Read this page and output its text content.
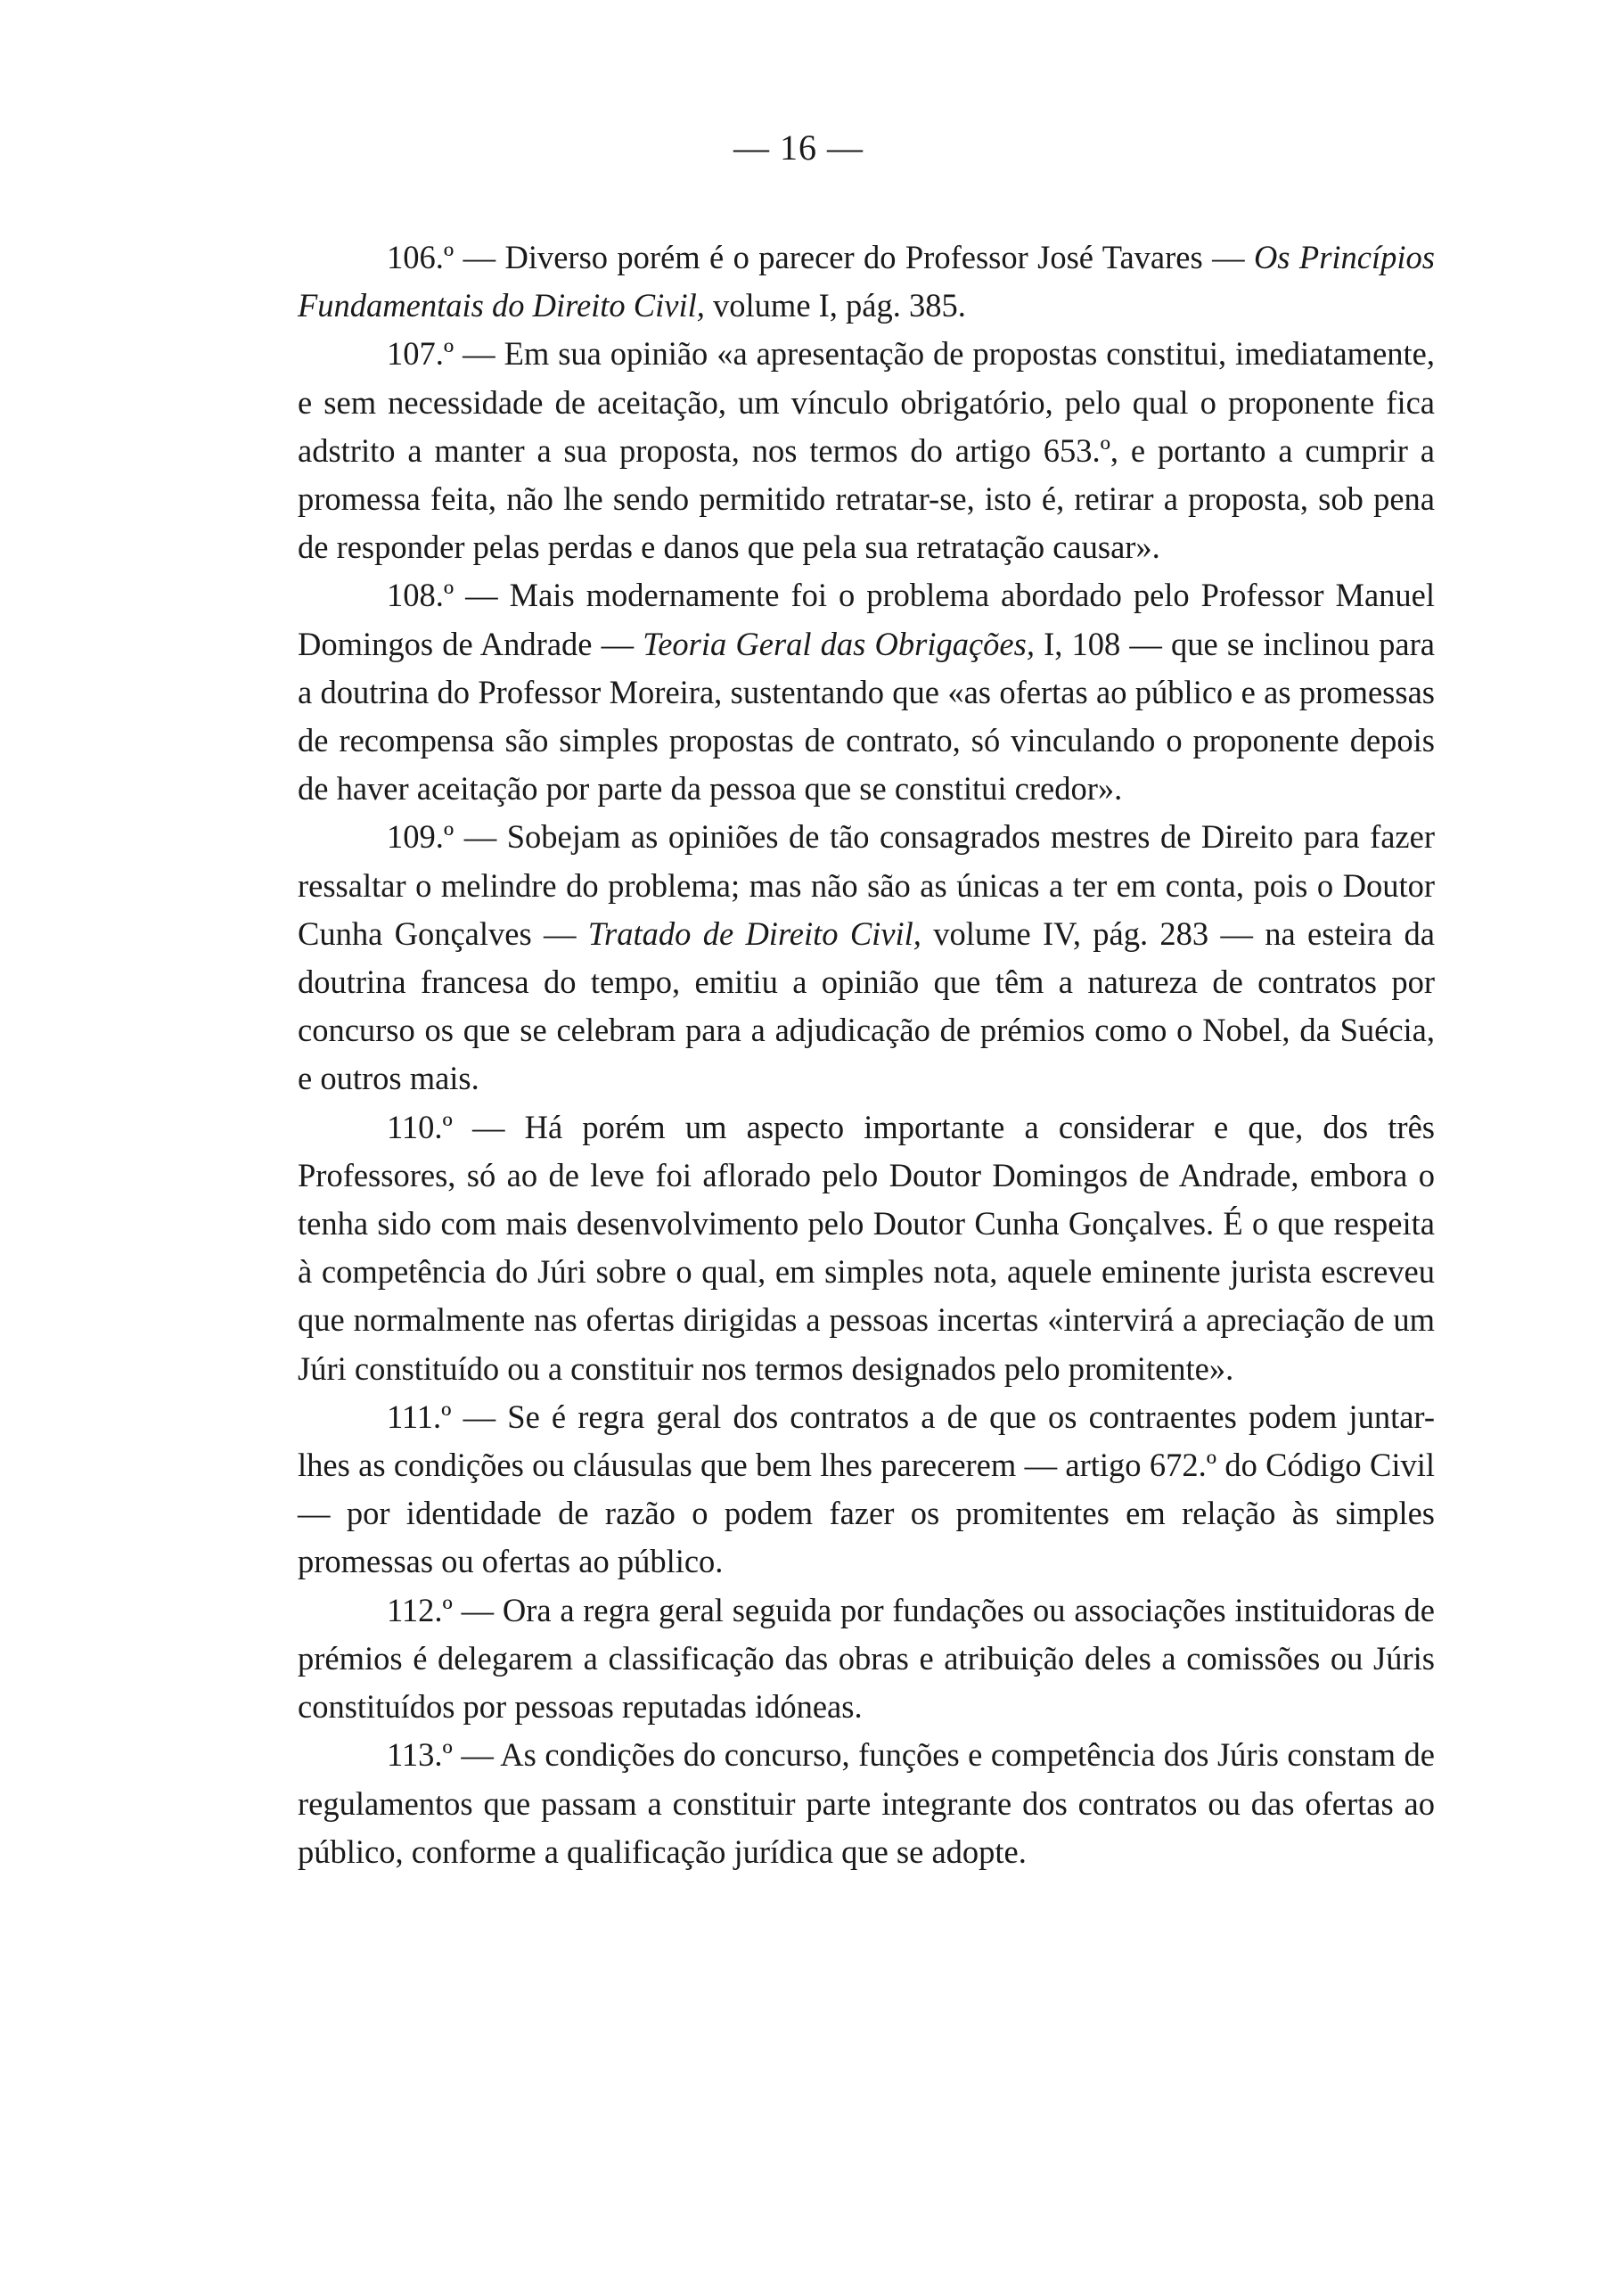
— 16 —

106.º — Diverso porém é o parecer do Professor José Tavares — Os Princípios Fundamentais do Direito Civil, volume I, pág. 385.

107.º — Em sua opinião «a apresentação de propostas constitui, imediatamente, e sem necessidade de aceitação, um vínculo obrigatório, pelo qual o proponente fica adstrito a manter a sua proposta, nos termos do artigo 653.º, e portanto a cumprir a promessa feita, não lhe sendo permitido retratar-se, isto é, retirar a proposta, sob pena de responder pelas perdas e danos que pela sua retratação causar».

108.º — Mais modernamente foi o problema abordado pelo Professor Manuel Domingos de Andrade — Teoria Geral das Obrigações, I, 108 — que se inclinou para a doutrina do Professor Moreira, sustentando que «as ofertas ao público e as promessas de recompensa são simples propostas de contrato, só vinculando o proponente depois de haver aceitação por parte da pessoa que se constitui credor».

109.º — Sobejam as opiniões de tão consagrados mestres de Direito para fazer ressaltar o melindre do problema; mas não são as únicas a ter em conta, pois o Doutor Cunha Gonçalves — Tratado de Direito Civil, volume IV, pág. 283 — na esteira da doutrina francesa do tempo, emitiu a opinião que têm a natureza de contratos por concurso os que se celebram para a adjudicação de prémios como o Nobel, da Suécia, e outros mais.

110.º — Há porém um aspecto importante a considerar e que, dos três Professores, só ao de leve foi aflorado pelo Doutor Domingos de Andrade, embora o tenha sido com mais desenvolvimento pelo Doutor Cunha Gonçalves. É o que respeita à competência do Júri sobre o qual, em simples nota, aquele eminente jurista escreveu que normalmente nas ofertas dirigidas a pessoas incertas «intervirá a apreciação de um Júri constituído ou a constituir nos termos designados pelo promitente».

111.º — Se é regra geral dos contratos a de que os contraentes podem juntar-lhes as condições ou cláusulas que bem lhes parecerem — artigo 672.º do Código Civil — por identidade de razão o podem fazer os promitentes em relação às simples promessas ou ofertas ao público.

112.º — Ora a regra geral seguida por fundações ou associações instituidoras de prémios é delegarem a classificação das obras e atribuição deles a comissões ou Júris constituídos por pessoas reputadas idóneas.

113.º — As condições do concurso, funções e competência dos Júris constam de regulamentos que passam a constituir parte integrante dos contratos ou das ofertas ao público, conforme a qualificação jurídica que se adopte.
